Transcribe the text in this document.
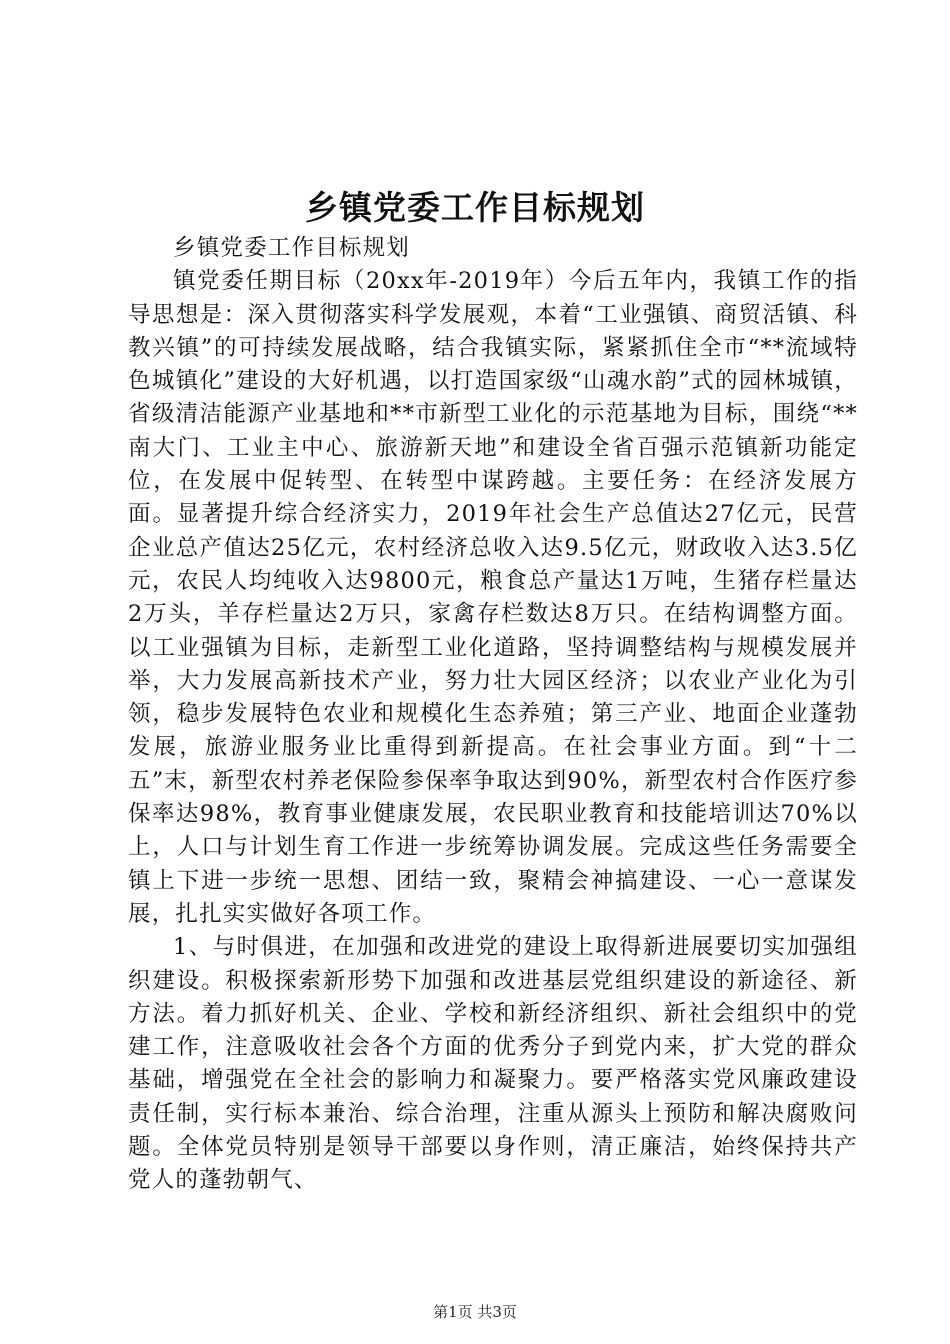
乡镇党委工作目标规划

乡镇党委工作目标规划

镇党委任期目标（20xx年-2019年）今后五年内，我镇工作的指导思想是：深入贯彻落实科学发展观，本着“工业强镇、商贸活镇、科教兴镇”的可持续发展战略，结合我镇实际，紧紧抓住全市“**流域特色城镇化”建设的大好机遇，以打造国家级“山魂水韵”式的园林城镇，省级清洁能源产业基地和**市新型工业化的示范基地为目标，围绕“**南大门、工业主中心、旅游新天地”和建设全省百强示范镇新功能定位，在发展中促转型、在转型中谋跨越。主要任务：在经济发展方面。显著提升综合经济实力，2019年社会生产总值达27亿元，民营企业总产值达25亿元，农村经济总收入达9.5亿元，财政收入达3.5亿元，农民人均纯收入达9800元，粮食总产量达1万吨，生猪存栏量达2万头，羊存栏量达2万只，家禽存栏数达8万只。在结构调整方面。以工业强镇为目标，走新型工业化道路，坚持调整结构与规模发展并举，大力发展高新技术产业，努力壮大园区经济；以农业产业化为引领，稳步发展特色农业和规模化生态养殖；第三产业、地面企业蓬勃发展，旅游业服务业比重得到新提高。在社会事业方面。到“十二五”末，新型农村养老保险参保率争取达到90%，新型农村合作医疗参保率达98%，教育事业健康发展，农民职业教育和技能培训达70%以上，人口与计划生育工作进一步统筹协调发展。完成这些任务需要全镇上下进一步统一思想、团结一致，聚精会神搞建设、一心一意谋发展，扎扎实实做好各项工作。

1、与时俱进，在加强和改进党的建设上取得新进展要切实加强组织建设。积极探索新形势下加强和改进基层党组织建设的新途径、新方法。着力抓好机关、企业、学校和新经济组织、新社会组织中的党建工作，注意吸收社会各个方面的优秀分子到党内来，扩大党的群众基础，增强党在全社会的影响力和凝聚力。要严格落实党风廉政建设责任制，实行标本兼治、综合治理，注重从源头上预防和解决腐败问题。全体党员特别是领导干部要以身作则，清正廉洁，始终保持共产党人的蓬勃朝气、

第1页 共3页
